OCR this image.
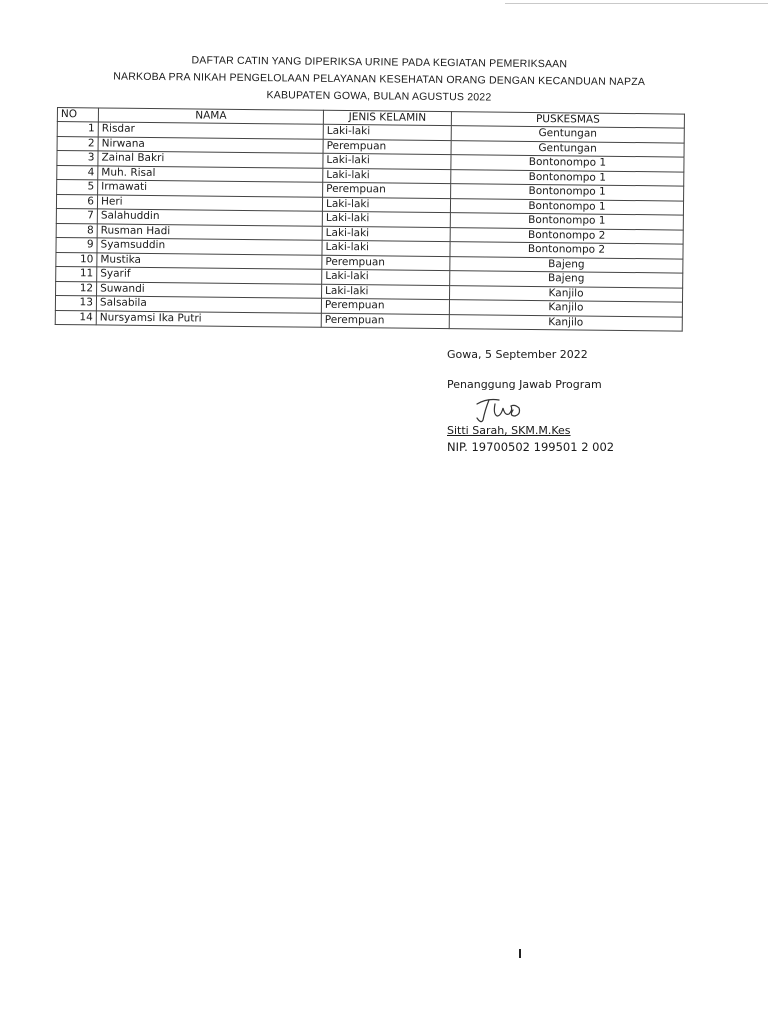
DAFTAR CATIN YANG DIPERIKSA URINE PADA KEGIATAN PEMERIKSAAN
NARKOBA PRA NIKAH PENGELOLAAN PELAYANAN KESEHATAN ORANG DENGAN KECANDUAN NAPZA
KABUPATEN GOWA, BULAN AGUSTUS 2022
NO	NAMA	JENIS KELAMIN	PUSKESMAS
1	Risdar	Laki-laki	Gentungan
2	Nirwana	Perempuan	Gentungan
3	Zainal Bakri	Laki-laki	Bontonompo 1
4	Muh. Risal	Laki-laki	Bontonompo 1
5	Irmawati	Perempuan	Bontonompo 1
6	Heri	Laki-laki	Bontonompo 1
7	Salahuddin	Laki-laki	Bontonompo 1
8	Rusman Hadi	Laki-laki	Bontonompo 2
9	Syamsuddin	Laki-laki	Bontonompo 2
10	Mustika	Perempuan	Bajeng
11	Syarif	Laki-laki	Bajeng
12	Suwandi	Laki-laki	Kanjilo
13	Salsabila	Perempuan	Kanjilo
14	Nursyamsi Ika Putri	Perempuan	Kanjilo
Gowa, 5 September 2022
Penanggung Jawab Program
Sitti Sarah, SKM.M.Kes
NIP. 19700502 199501 2 002
